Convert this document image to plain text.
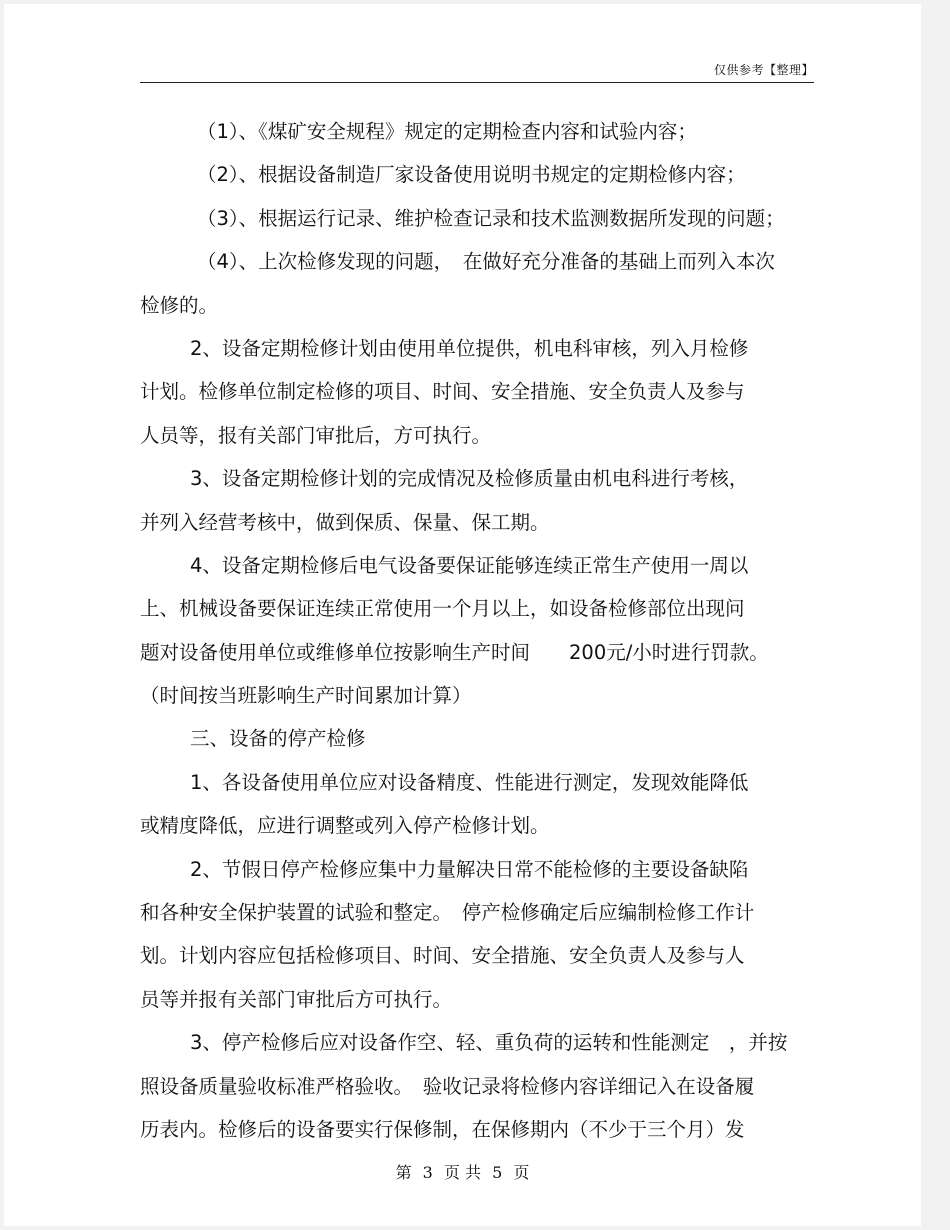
仅供参考【整理】
（1）、《煤矿安全规程》规定的定期检查内容和试验内容；
（2）、根据设备制造厂家设备使用说明书规定的定期检修内容；
（3）、根据运行记录、维护检查记录和技术监测数据所发现的问题；
（4）、上次检修发现的问题，　在做好充分准备的基础上而列入本次
检修的。
2、设备定期检修计划由使用单位提供，机电科审核，列入月检修
计划。检修单位制定检修的项目、时间、安全措施、安全负责人及参与
人员等，报有关部门审批后，方可执行。
3、设备定期检修计划的完成情况及检修质量由机电科进行考核，
并列入经营考核中，做到保质、保量、保工期。
4、设备定期检修后电气设备要保证能够连续正常生产使用一周以
上、机械设备要保证连续正常使用一个月以上，如设备检修部位出现问
题对设备使用单位或维修单位按影响生产时间　　200元/小时进行罚款。
（时间按当班影响生产时间累加计算）
三、设备的停产检修
1、各设备使用单位应对设备精度、性能进行测定，发现效能降低
或精度降低，应进行调整或列入停产检修计划。
2、节假日停产检修应集中力量解决日常不能检修的主要设备缺陷
和各种安全保护装置的试验和整定。　停产检修确定后应编制检修工作计
划。计划内容应包括检修项目、时间、安全措施、安全负责人及参与人
员等并报有关部门审批后方可执行。
3、停产检修后应对设备作空、轻、重负荷的运转和性能测定　，并按
照设备质量验收标准严格验收。　验收记录将检修内容详细记入在设备履
历表内。检修后的设备要实行保修制，在保修期内（不少于三个月）发
第 3 页 共 5 页
